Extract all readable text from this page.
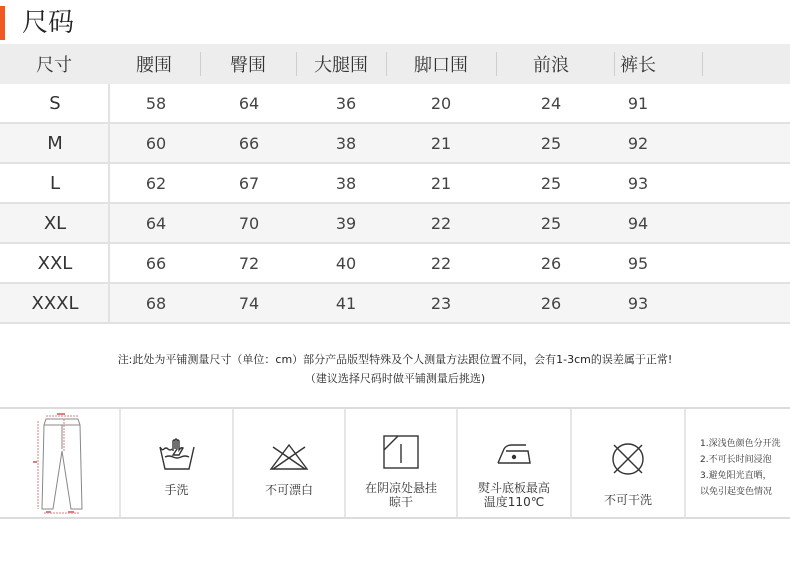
尺码
尺寸	腰围	臀围	大腿围	脚口围	前浪	裤长
S	58	64	36	20	24	91
M	60	66	38	21	25	92
L	62	67	38	21	25	93
XL	64	70	39	22	25	94
XXL	66	72	40	22	26	95
XXXL	68	74	41	23	26	93
注:此处为平铺测量尺寸（单位：cm）部分产品版型特殊及个人测量方法跟位置不同，会有1-3cm的误差属于正常!
（建议选择尺码时做平铺测量后挑选)
手洗	不可漂白	在阴凉处悬挂
晾干
熨斗底板最高
温度110℃	不可干洗
1.深浅色颜色分开洗
2.不可长时间浸泡
3.避免阳光直晒，
以免引起变色情况
